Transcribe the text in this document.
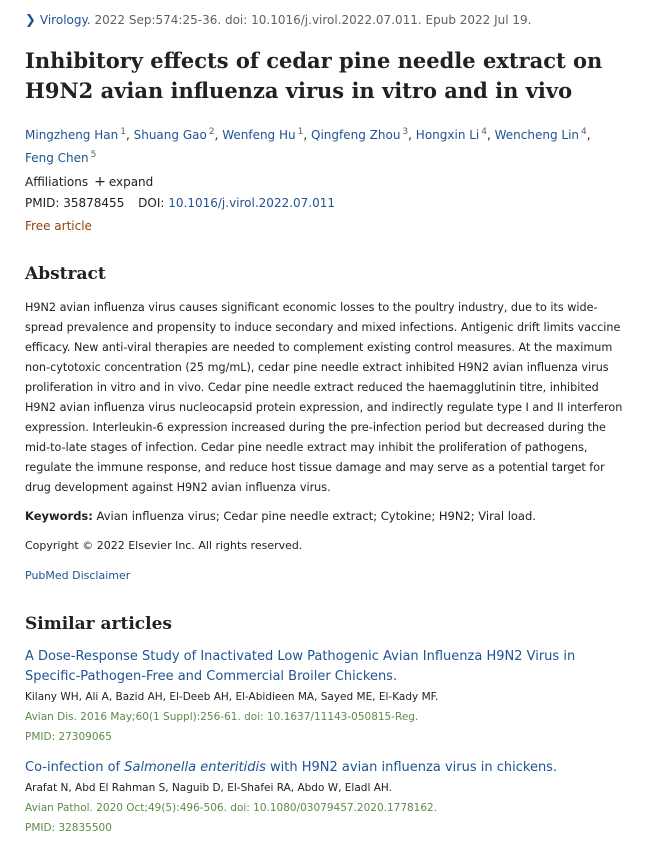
❯ Virology. 2022 Sep:574:25-36. doi: 10.1016/j.virol.2022.07.011. Epub 2022 Jul 19.
Inhibitory effects of cedar pine needle extract on H9N2 avian influenza virus in vitro and in vivo
Mingzheng Han $^1$, Shuang Gao $^2$, Wenfeng Hu $^1$, Qingfeng Zhou $^3$, Hongxin Li $^4$, Wencheng Lin $^4$,
Feng Chen $^5$
Affiliations + expand
PMID: 35878455 DOI: 10.1016/j.virol.2022.07.011
Free article
Abstract
H9N2 avian influenza virus causes significant economic losses to the poultry industry, due to its wide-spread prevalence and propensity to induce secondary and mixed infections. Antigenic drift limits vaccine efficacy. New anti-viral therapies are needed to complement existing control measures. At the maximum non-cytotoxic concentration (25 mg/mL), cedar pine needle extract inhibited H9N2 avian influenza virus proliferation in vitro and in vivo. Cedar pine needle extract reduced the haemagglutinin titre, inhibited H9N2 avian influenza virus nucleocapsid protein expression, and indirectly regulate type I and II interferon expression. Interleukin-6 expression increased during the pre-infection period but decreased during the mid-to-late stages of infection. Cedar pine needle extract may inhibit the proliferation of pathogens, regulate the immune response, and reduce host tissue damage and may serve as a potential target for drug development against H9N2 avian influenza virus.
Keywords: Avian influenza virus; Cedar pine needle extract; Cytokine; H9N2; Viral load.
Copyright © 2022 Elsevier Inc. All rights reserved.
PubMed Disclaimer
Similar articles
A Dose-Response Study of Inactivated Low Pathogenic Avian Influenza H9N2 Virus in Specific-Pathogen-Free and Commercial Broiler Chickens.
Kilany WH, Ali A, Bazid AH, El-Deeb AH, El-Abidieen MA, Sayed ME, El-Kady MF.
Avian Dis. 2016 May;60(1 Suppl):256-61. doi: 10.1637/11143-050815-Reg.
PMID: 27309065
Co-infection of Salmonella enteritidis with H9N2 avian influenza virus in chickens.
Arafat N, Abd El Rahman S, Naguib D, El-Shafei RA, Abdo W, Eladl AH.
Avian Pathol. 2020 Oct;49(5):496-506. doi: 10.1080/03079457.2020.1778162.
PMID: 32835500
